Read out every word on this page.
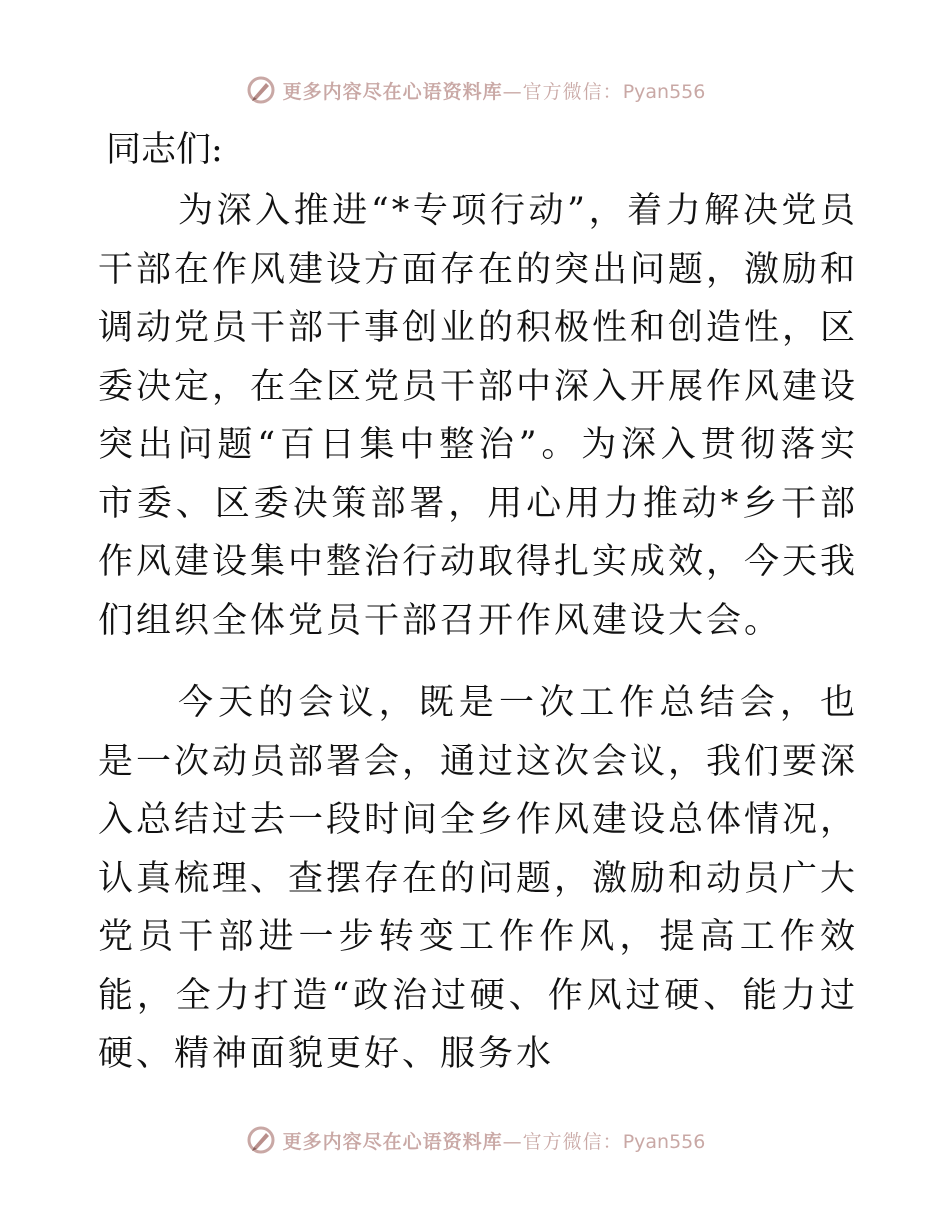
更多内容尽在心语资料库—官方微信：Pyan556
同志们:

为深入推进“*专项行动”，着力解决党员干部在作风建设方面存在的突出问题，激励和调动党员干部干事创业的积极性和创造性，区委决定，在全区党员干部中深入开展作风建设突出问题“百日集中整治”。为深入贯彻落实市委、区委决策部署，用心用力推动*乡干部作风建设集中整治行动取得扎实成效，今天我们组织全体党员干部召开作风建设大会。

今天的会议，既是一次工作总结会，也是一次动员部署会，通过这次会议，我们要深入总结过去一段时间全乡作风建设总体情况，认真梳理、查摆存在的问题，激励和动员广大党员干部进一步转变工作作风，提高工作效能，全力打造“政治过硬、作风过硬、能力过硬、精神面貌更好、服务水

更多内容尽在心语资料库—官方微信：Pyan556
